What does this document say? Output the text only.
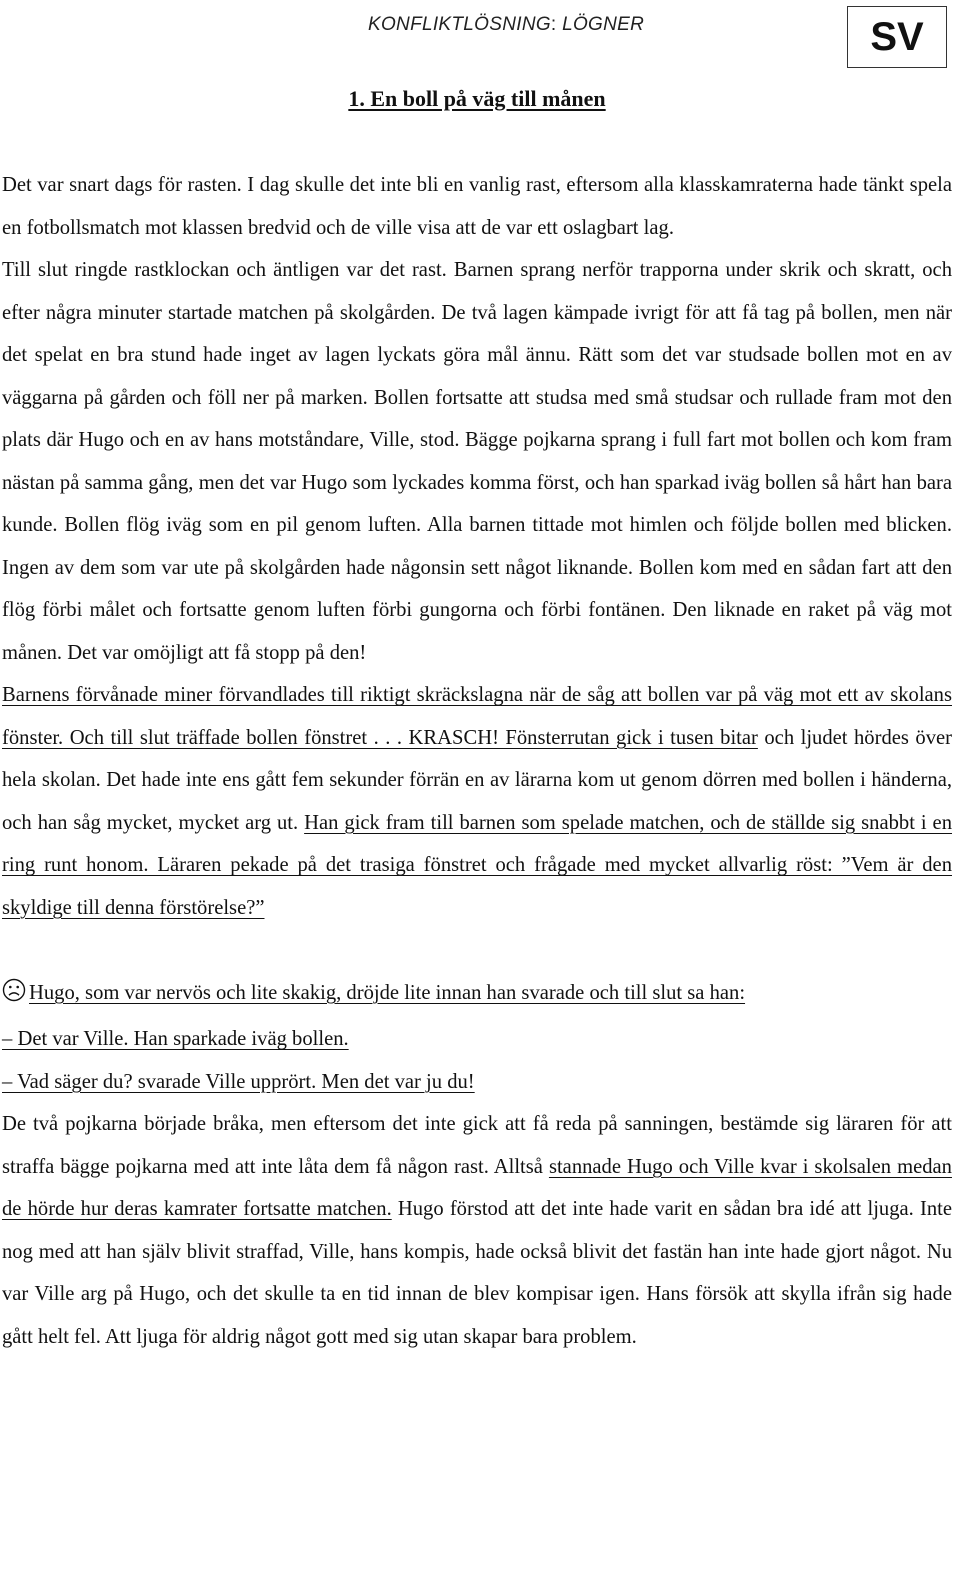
KONFLIKTLÖSNING: LÖGNER	SV
1. En boll på väg till månen

Det var snart dags för rasten. I dag skulle det inte bli en vanlig rast, eftersom alla klasskamraterna hade tänkt spela en fotbollsmatch mot klassen bredvid och de ville visa att de var ett oslagbart lag.

Till slut ringde rastklockan och äntligen var det rast. Barnen sprang nerför trapporna under skrik och skratt, och efter några minuter startade matchen på skolgården. De två lagen kämpade ivrigt för att få tag på bollen, men när det spelat en bra stund hade inget av lagen lyckats göra mål ännu. Rätt som det var studsade bollen mot en av väggarna på gården och föll ner på marken. Bollen fortsatte att studsa med små studsar och rullade fram mot den plats där Hugo och en av hans motståndare, Ville, stod. Bägge pojkarna sprang i full fart mot bollen och kom fram nästan på samma gång, men det var Hugo som lyckades komma först, och han sparkad iväg bollen så hårt han bara kunde. Bollen flög iväg som en pil genom luften. Alla barnen tittade mot himlen och följde bollen med blicken. Ingen av dem som var ute på skolgården hade någonsin sett något liknande. Bollen kom med en sådan fart att den flög förbi målet och fortsatte genom luften förbi gungorna och förbi fontänen. Den liknade en raket på väg mot månen. Det var omöjligt att få stopp på den!

Barnens förvånade miner förvandlades till riktigt skräckslagna när de såg att bollen var på väg mot ett av skolans fönster. Och till slut träffade bollen fönstret . . . KRASCH! Fönsterrutan gick i tusen bitar och ljudet hördes över hela skolan. Det hade inte ens gått fem sekunder förrän en av lärarna kom ut genom dörren med bollen i händerna, och han såg mycket, mycket arg ut. Han gick fram till barnen som spelade matchen, och de ställde sig snabbt i en ring runt honom. Läraren pekade på det trasiga fönstret och frågade med mycket allvarlig röst: ”Vem är den skyldige till denna förstörelse?”

Hugo, som var nervös och lite skakig, dröjde lite innan han svarade och till slut sa han:

– Det var Ville. Han sparkade iväg bollen.

– Vad säger du? svarade Ville upprört. Men det var ju du!

De två pojkarna började bråka, men eftersom det inte gick att få reda på sanningen, bestämde sig läraren för att straffa bägge pojkarna med att inte låta dem få någon rast. Alltså stannade Hugo och Ville kvar i skolsalen medan de hörde hur deras kamrater fortsatte matchen. Hugo förstod att det inte hade varit en sådan bra idé att ljuga. Inte nog med att han själv blivit straffad, Ville, hans kompis, hade också blivit det fastän han inte hade gjort något. Nu var Ville arg på Hugo, och det skulle ta en tid innan de blev kompisar igen. Hans försök att skylla ifrån sig hade gått helt fel. Att ljuga för aldrig något gott med sig utan skapar bara problem.
